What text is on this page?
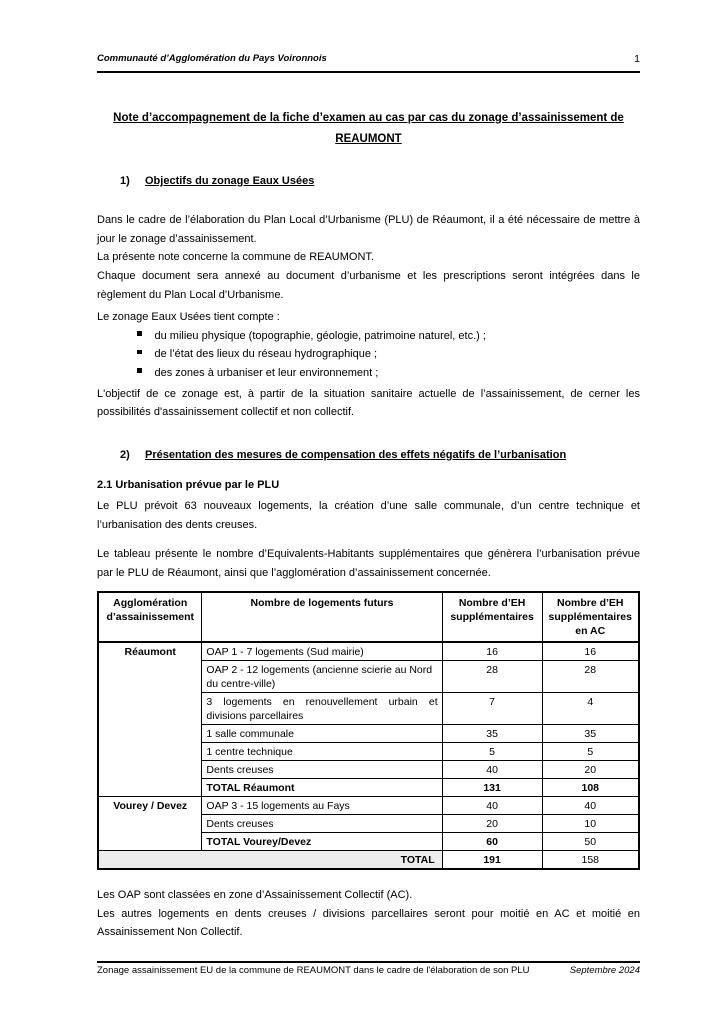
Communauté d’Agglomération du Pays Voironnois	1
Note d’accompagnement de la fiche d’examen au cas par cas du zonage d’assainissement de REAUMONT
1) Objectifs du zonage Eaux Usées

Dans le cadre de l’élaboration du Plan Local d’Urbanisme (PLU) de Réaumont, il a été nécessaire de mettre à jour le zonage d’assainissement.

La présente note concerne la commune de REAUMONT.

Chaque document sera annexé au document d’urbanisme et les prescriptions seront intégrées dans le règlement du Plan Local d’Urbanisme.

Le zonage Eaux Usées tient compte :

du milieu physique (topographie, géologie, patrimoine naturel, etc.) ;
de l’état des lieux du réseau hydrographique ;
des zones à urbaniser et leur environnement ;

L'objectif de ce zonage est, à partir de la situation sanitaire actuelle de l’assainissement, de cerner les possibilités d'assainissement collectif et non collectif.

2) Présentation des mesures de compensation des effets négatifs de l’urbanisation
2.1 Urbanisation prévue par le PLU

Le PLU prévoit 63 nouveaux logements, la création d’une salle communale, d’un centre technique et l’urbanisation des dents creuses.

Le tableau présente le nombre d’Equivalents-Habitants supplémentaires que génèrera l’urbanisation prévue par le PLU de Réaumont, ainsi que l’agglomération d’assainissement concernée.

Agglomération d’assainissement	Nombre de logements futurs	Nombre d’EH supplémentaires	Nombre d’EH supplémentaires en AC
Réaumont	OAP 1 - 7 logements (Sud mairie)	16	16
	OAP 2 - 12 logements (ancienne scierie au Nord du centre-ville)	28	28
	3 logements en renouvellement urbain et divisions parcellaires	7	4
	1 salle communale	35	35
	1 centre technique	5	5
	Dents creuses	40	20
	TOTAL Réaumont	131	108
Vourey / Devez	OAP 3 - 15 logements au Fays	40	40
	Dents creuses	20	10
	TOTAL Vourey/Devez	60	50
TOTAL		191	158

Les OAP sont classées en zone d’Assainissement Collectif (AC).

Les autres logements en dents creuses / divisions parcellaires seront pour moitié en AC et moitié en Assainissement Non Collectif.

Zonage assainissement EU de la commune de REAUMONT dans le cadre de l'élaboration de son PLU	Septembre 2024
